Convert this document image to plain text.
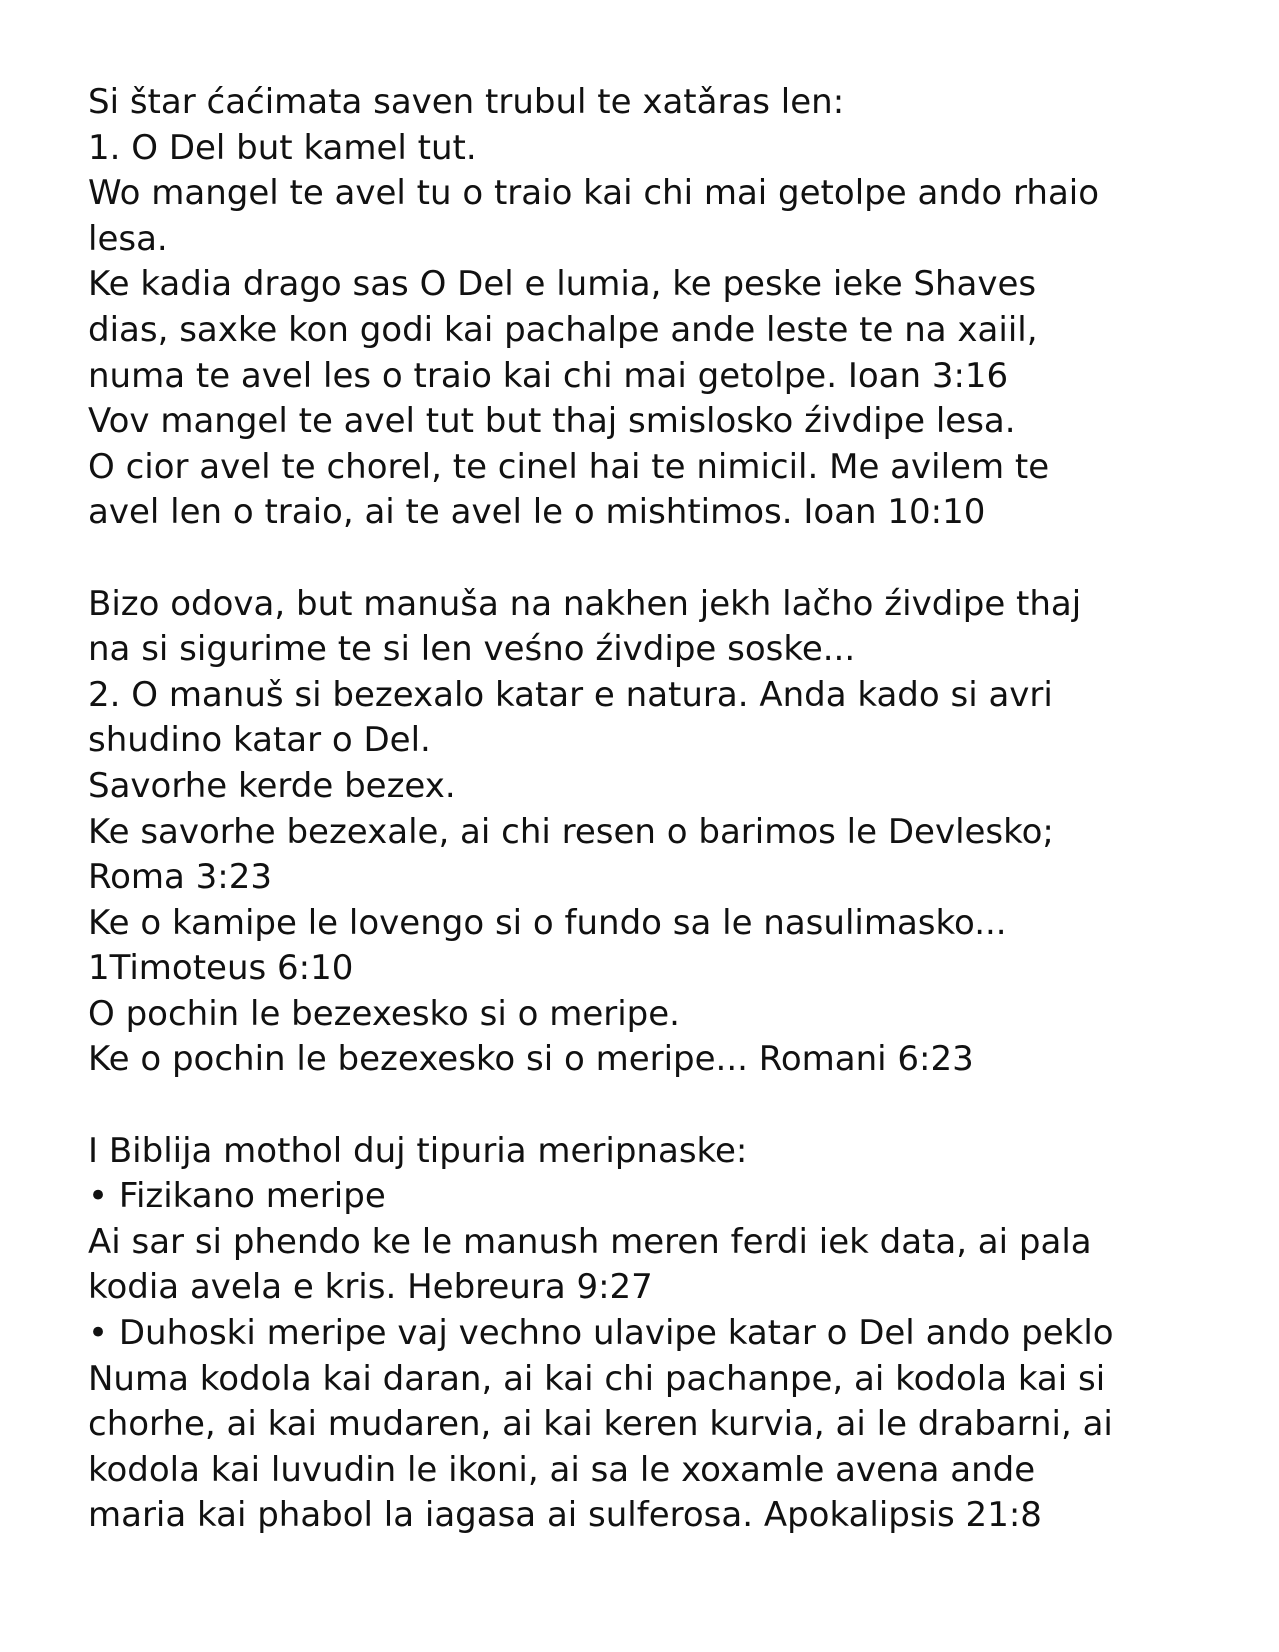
Si štar ćaćimata saven trubul te xatǎras len:
1. O Del but kamel tut.
Wo mangel te avel tu o traio kai chi mai getolpe ando rhaio
lesa.
Ke kadia drago sas O Del e lumia, ke peske ieke Shaves
dias, saxke kon godi kai pachalpe ande leste te na xaiil,
numa te avel les o traio kai chi mai getolpe. Ioan 3:16
Vov mangel te avel tut but thaj smislosko źivdipe lesa.
O cior avel te chorel, te cinel hai te nimicil. Me avilem te
avel len o traio, ai te avel le o mishtimos. Ioan 10:10
Bizo odova, but manuša na nakhen jekh lačho źivdipe thaj
na si sigurime te si len veśno źivdipe soske...
2. O manuš si bezexalo katar e natura. Anda kado si avri
shudino katar o Del.
Savorhe kerde bezex.
Ke savorhe bezexale, ai chi resen o barimos le Devlesko;
Roma 3:23
Ke o kamipe le lovengo si o fundo sa le nasulimasko...
1Timoteus 6:10
O pochin le bezexesko si o meripe.
Ke o pochin le bezexesko si o meripe... Romani 6:23
I Biblija mothol duj tipuria meripnaske:
• Fizikano meripe
Ai sar si phendo ke le manush meren ferdi iek data, ai pala
kodia avela e kris. Hebreura 9:27
• Duhoski meripe vaj vechno ulavipe katar o Del ando peklo
Numa kodola kai daran, ai kai chi pachanpe, ai kodola kai si
chorhe, ai kai mudaren, ai kai keren kurvia, ai le drabarni, ai
kodola kai luvudin le ikoni, ai sa le xoxamle avena ande
maria kai phabol la iagasa ai sulferosa. Apokalipsis 21:8
